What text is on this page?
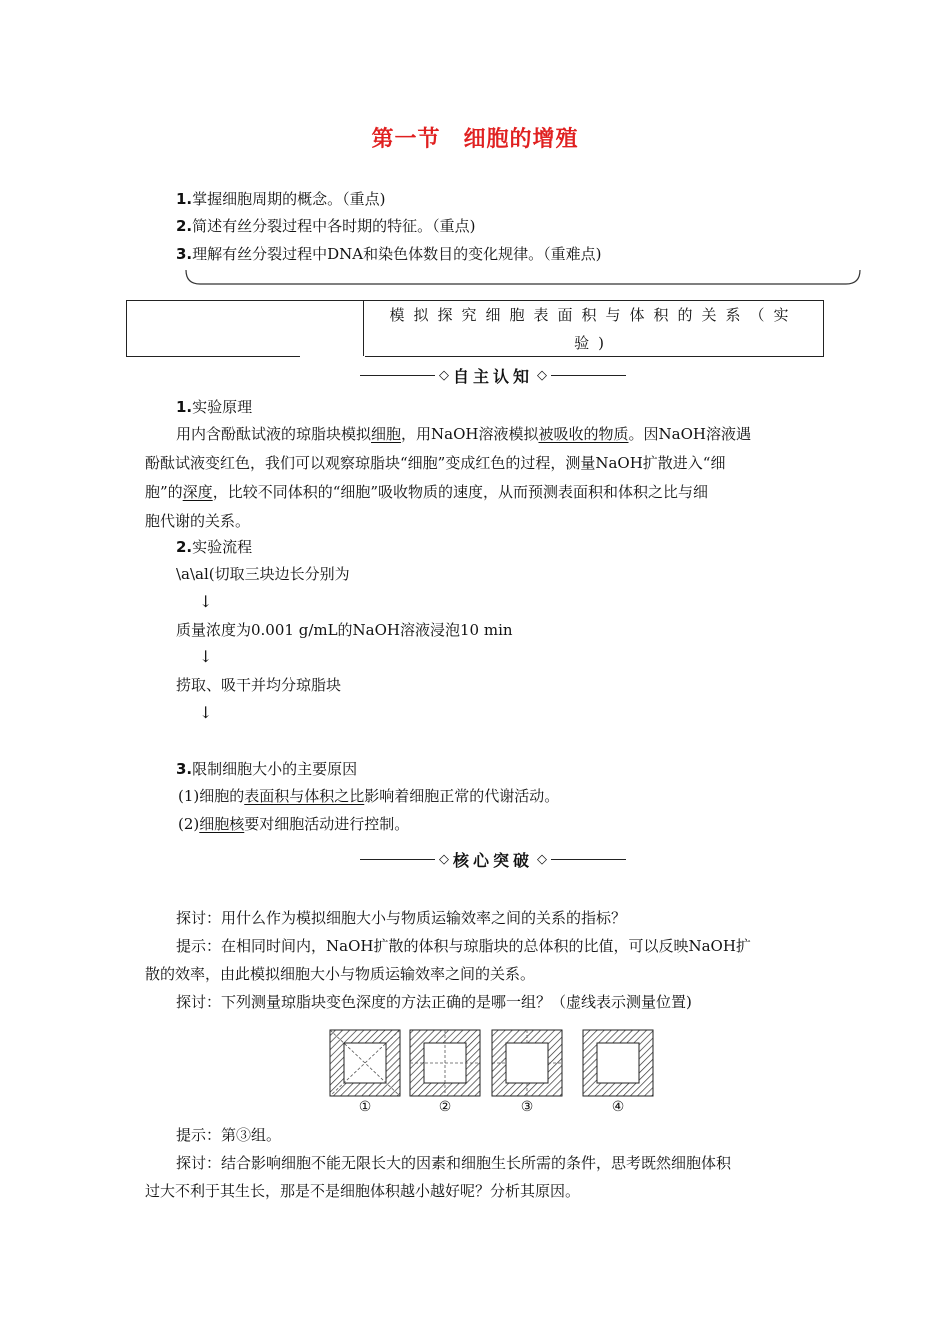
第一节　细胞的增殖
1.掌握细胞周期的概念。（重点)
2.简述有丝分裂过程中各时期的特征。（重点)
3.理解有丝分裂过程中DNA和染色体数目的变化规律。（重难点)
模拟探究细胞表面积与体积的关系（实
验)
◇ 自主认知 ◇
1.实验原理
用内含酚酞试液的琼脂块模拟细胞，用NaOH溶液模拟被吸收的物质。因NaOH溶液遇
酚酞试液变红色，我们可以观察琼脂块“细胞”变成红色的过程，测量NaOH扩散进入“细
胞”的深度，比较不同体积的“细胞”吸收物质的速度，从而预测表面积和体积之比与细
胞代谢的关系。
2.实验流程
\a\al(切取三块边长分别为
↓
质量浓度为0.001 g/mL的NaOH溶液浸泡10 min
↓
捞取、吸干并均分琼脂块
↓
3.限制细胞大小的主要原因
(1)细胞的表面积与体积之比影响着细胞正常的代谢活动。
(2)细胞核要对细胞活动进行控制。
◇ 核心突破 ◇
探讨：用什么作为模拟细胞大小与物质运输效率之间的关系的指标？
提示：在相同时间内，NaOH扩散的体积与琼脂块的总体积的比值，可以反映NaOH扩
散的效率，由此模拟细胞大小与物质运输效率之间的关系。
探讨：下列测量琼脂块变色深度的方法正确的是哪一组？（虚线表示测量位置)
①	②	③	④
提示：第③组。
探讨：结合影响细胞不能无限长大的因素和细胞生长所需的条件，思考既然细胞体积
过大不利于其生长，那是不是细胞体积越小越好呢？分析其原因。
